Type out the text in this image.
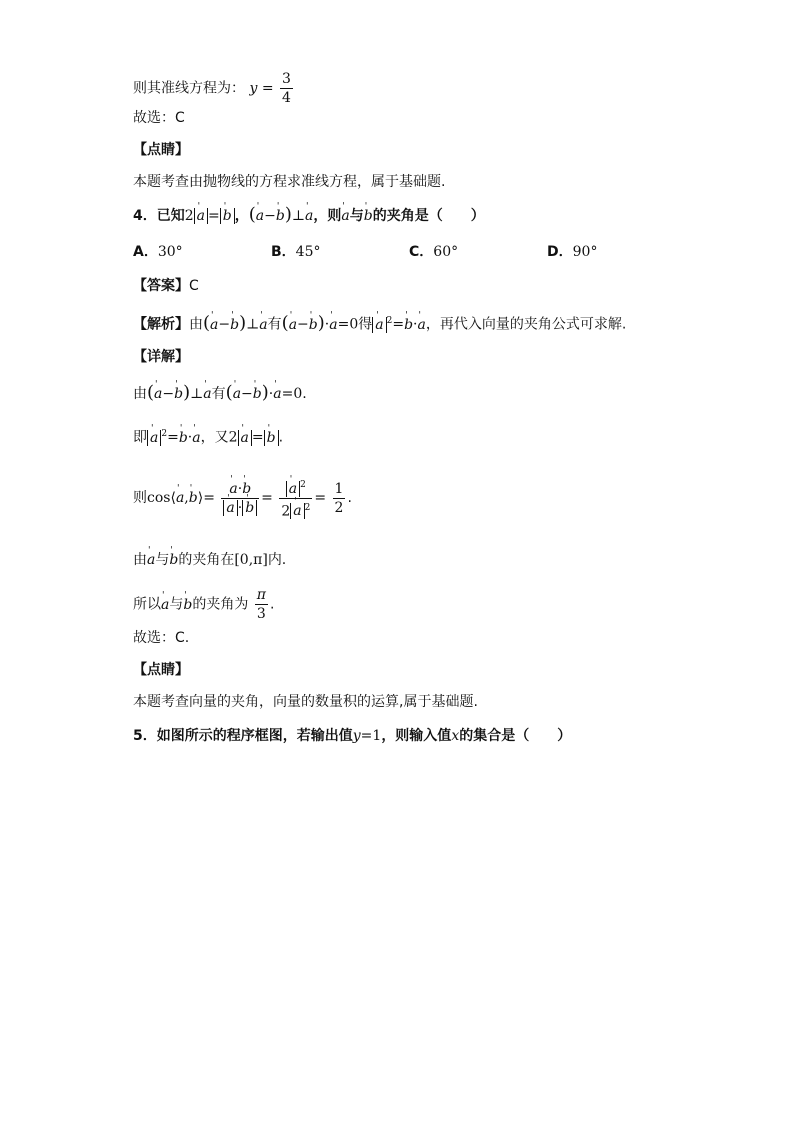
则其准线方程为： $y = \frac{3}{4}$
故选：C
【点睛】
本题考查由抛物线的方程求准线方程，属于基础题.
4．已知2 ' a = ' b ，(' a−' b)⊥' a，则' a与' b的夹角是（　　）
A．30°	B．45°	C．60°	D．90°
【答案】C
【解析】由(' a−' b)⊥' a有(' a−' b)·' a=0得 ' a $^2$=' b·' a，再代入向量的夹角公式可求解.
【详解】
由(' a−' b)⊥' a有(' a−' b)·' a=0.
即 ' a $^2$=' b·' a，又2 ' a = ' b .
则cos⟨' a,' b⟩= ' a·' b
' a · ' b = ' $\frac{a ^2}{2 ' a ^2} = \frac{1}{2}$ .
由' a与' b的夹角在[0,π]内.
所以' a与' b的夹角为 $\frac{\pi}{3}$ .
故选：C.
【点睛】
本题考查向量的夹角，向量的数量积的运算,属于基础题.
5．如图所示的程序框图，若输出值y=1，则输入值x的集合是（　　）
